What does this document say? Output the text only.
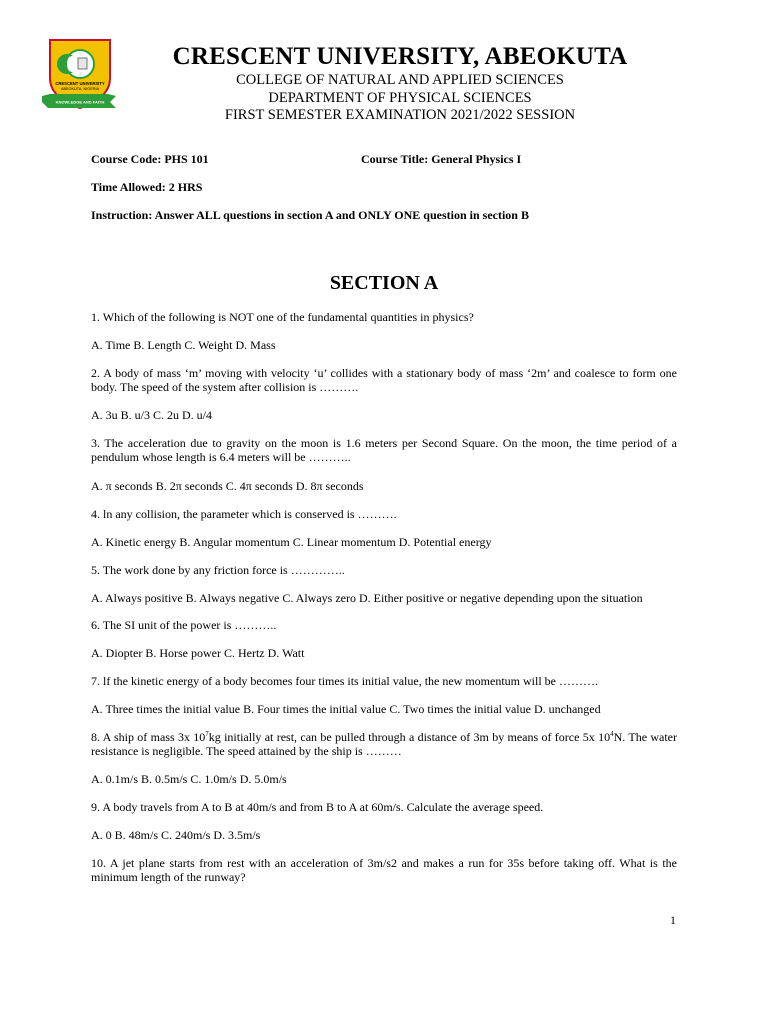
CRESCENT UNIVERSITY
ABEOKUTA, NIGERIA
KNOWLEDGE AND FAITH
CRESCENT UNIVERSITY, ABEOKUTA
COLLEGE OF NATURAL AND APPLIED SCIENCES
DEPARTMENT OF PHYSICAL SCIENCES
FIRST SEMESTER EXAMINATION 2021/2022 SESSION
Course Code: PHS 101	Course Title: General Physics I
Time Allowed: 2 HRS
Instruction: Answer ALL questions in section A and ONLY ONE question in section B
SECTION A
1. Which of the following is NOT one of the fundamental quantities in physics?
A. Time B. Length C. Weight D. Mass
2. A body of mass ‘m’ moving with velocity ‘u’ collides with a stationary body of mass ‘2m’ and coalesce to form one body. The speed of the system after collision is ……….
A. 3u B. u/3 C. 2u D. u/4
3. The acceleration due to gravity on the moon is 1.6 meters per Second Square. On the moon, the time period of a pendulum whose length is 6.4 meters will be ………..
A. π seconds B. 2π seconds C. 4π seconds D. 8π seconds
4. ln any collision, the parameter which is conserved is ……….
A. Kinetic energy B. Angular momentum C. Linear momentum D. Potential energy
5. The work done by any friction force is …………..
A. Always positive B. Always negative C. Always zero D. Either positive or negative depending upon the situation
6. The SI unit of the power is ………..
A. Diopter B. Horse power C. Hertz D. Watt
7. lf the kinetic energy of a body becomes four times its initial value, the new momentum will be ……….
A. Three times the initial value B. Four times the initial value C. Two times the initial value D. unchanged
8. A ship of mass 3x $10^7kg$ initially at rest, can be pulled through a distance of 3m by means of force 5x $10^4N$. The water resistance is negligible. The speed attained by the ship is ………
A. 0.1m/s B. 0.5m/s C. 1.0m/s D. 5.0m/s
9. A body travels from A to B at 40m/s and from B to A at 60m/s. Calculate the average speed.
A. 0 B. 48m/s C. 240m/s D. 3.5m/s
10. A jet plane starts from rest with an acceleration of 3m/s2 and makes a run for 35s before taking off. What is the minimum length of the runway?
1
